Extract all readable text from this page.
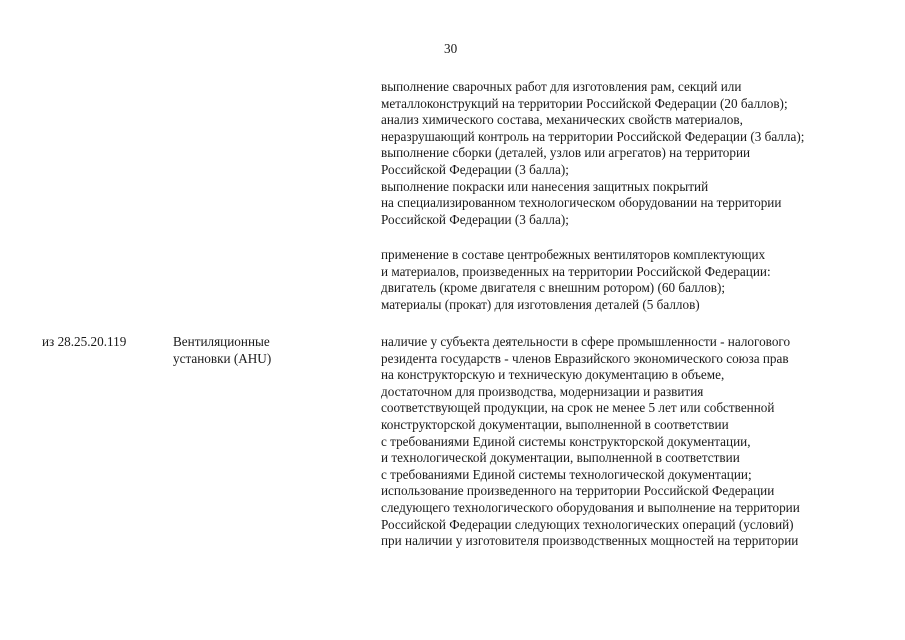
30
выполнение сварочных работ для изготовления рам, секций или
металлоконструкций на территории Российской Федерации (20 баллов);
анализ химического состава, механических свойств материалов,
неразрушающий контроль на территории Российской Федерации (3 балла);
выполнение сборки (деталей, узлов или агрегатов) на территории
Российской Федерации (3 балла);
выполнение покраски или нанесения защитных покрытий
на специализированном технологическом оборудовании на территории
Российской Федерации (3 балла);
применение в составе центробежных вентиляторов комплектующих
и материалов, произведенных на территории Российской Федерации:
двигатель (кроме двигателя с внешним ротором) (60 баллов);
материалы (прокат) для изготовления деталей (5 баллов)
из 28.25.20.119	Вентиляционные
установки (AHU)
наличие у субъекта деятельности в сфере промышленности - налогового
резидента государств - членов Евразийского экономического союза прав
на конструкторскую и техническую документацию в объеме,
достаточном для производства, модернизации и развития
соответствующей продукции, на срок не менее 5 лет или собственной
конструкторской документации, выполненной в соответствии
с требованиями Единой системы конструкторской документации,
и технологической документации, выполненной в соответствии
с требованиями Единой системы технологической документации;
использование произведенного на территории Российской Федерации
следующего технологического оборудования и выполнение на территории
Российской Федерации следующих технологических операций (условий)
при наличии у изготовителя производственных мощностей на территории
